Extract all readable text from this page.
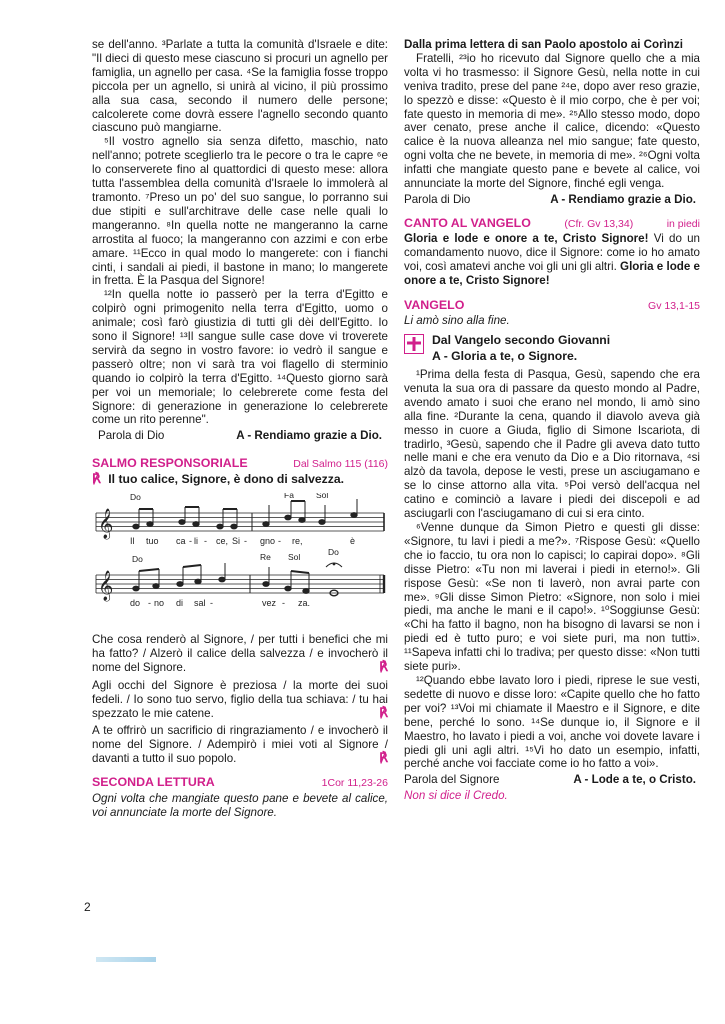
se dell'anno. ³Parlate a tutta la comunità d'Israele e dite: "Il dieci di questo mese ciascuno si procuri un agnello per famiglia, un agnello per casa. ⁴Se la famiglia fosse troppo piccola per un agnello, si unirà al vicino, il più prossimo alla sua casa, secondo il numero delle persone; calcolerete come dovrà essere l'agnello secondo quanto ciascuno può mangiarne.

⁵Il vostro agnello sia senza difetto, maschio, nato nell'anno; potrete sceglierlo tra le pecore o tra le capre ⁶e lo conserverete fino al quattordici di questo mese: allora tutta l'assemblea della comunità d'Israele lo immolerà al tramonto. ⁷Preso un po' del suo sangue, lo porranno sui due stipiti e sull'architrave delle case nelle quali lo mangeranno. ⁸In quella notte ne mangeranno la carne arrostita al fuoco; la mangeranno con azzimi e con erbe amare. ¹¹Ecco in qual modo lo mangerete: con i fianchi cinti, i sandali ai piedi, il bastone in mano; lo mangerete in fretta. È la Pasqua del Signore!

¹²In quella notte io passerò per la terra d'Egitto e colpirò ogni primogenito nella terra d'Egitto, uomo o animale; così farò giustizia di tutti gli dèi dell'Egitto. Io sono il Signore! ¹³Il sangue sulle case dove vi troverete servirà da segno in vostro favore: io vedrò il sangue e passerò oltre; non vi sarà tra voi flagello di sterminio quando io colpirò la terra d'Egitto. ¹⁴Questo giorno sarà per voi un memoriale; lo celebrerete come festa del Signore: di generazione in generazione lo celebrerete come un rito perenne".

Parola di Dio	A - Rendiamo grazie a Dio.
SALMO RESPONSORIALE	Dal Salmo 115 (116)
℟ Il tuo calice, Signore, è dono di salvezza.
𝄞
𝄞
Do	Fa	Sol
Do	Re Sol	Do
Il tuo ca - li - ce, Si - gno - re,	è
do - no di sal -	vez - za.

Che cosa renderò al Signore, / per tutti i benefici che mi ha fatto? / Alzerò il calice della salvezza / e invocherò il nome del Signore.	℟

Agli occhi del Signore è preziosa / la morte dei suoi fedeli. / Io sono tuo servo, figlio della tua schiava: / tu hai spezzato le mie catene.	℟

A te offrirò un sacrificio di ringraziamento / e invocherò il nome del Signore. / Adempirò i miei voti al Signore / davanti a tutto il suo popolo.	℟

SECONDA LETTURA	1Cor 11,23-26

Ogni volta che mangiate questo pane e bevete al calice, voi annunciate la morte del Signore.

2

Dalla prima lettera di san Paolo apostolo ai Corìnzi

Fratelli, ²³io ho ricevuto dal Signore quello che a mia volta vi ho trasmesso: il Signore Gesù, nella notte in cui veniva tradito, prese del pane ²⁴e, dopo aver reso grazie, lo spezzò e disse: «Questo è il mio corpo, che è per voi; fate questo in memoria di me». ²⁵Allo stesso modo, dopo aver cenato, prese anche il calice, dicendo: «Questo calice è la nuova alleanza nel mio sangue; fate questo, ogni volta che ne bevete, in memoria di me». ²⁶Ogni volta infatti che mangiate questo pane e bevete al calice, voi annunciate la morte del Signore, finché egli venga.

Parola di Dio	A - Rendiamo grazie a Dio.
CANTO AL VANGELO	(Cfr. Gv 13,34)	in piedi

Gloria e lode e onore a te, Cristo Signore! Vi do un comandamento nuovo, dice il Signore: come io ho amato voi, così amatevi anche voi gli uni gli altri. Gloria e lode e onore a te, Cristo Signore!

VANGELO	Gv 13,1-15

Li amò sino alla fine.

Dal Vangelo secondo Giovanni
A - Gloria a te, o Signore.

¹Prima della festa di Pasqua, Gesù, sapendo che era venuta la sua ora di passare da questo mondo al Padre, avendo amato i suoi che erano nel mondo, li amò sino alla fine. ²Durante la cena, quando il diavolo aveva già messo in cuore a Giuda, figlio di Simone Iscariota, di tradirlo, ³Gesù, sapendo che il Padre gli aveva dato tutto nelle mani e che era venuto da Dio e a Dio ritornava, ⁴si alzò da tavola, depose le vesti, prese un asciugamano e se lo cinse attorno alla vita. ⁵Poi versò dell'acqua nel catino e cominciò a lavare i piedi dei discepoli e ad asciugarli con l'asciugamano di cui si era cinto.

⁶Venne dunque da Simon Pietro e questi gli disse: «Signore, tu lavi i piedi a me?». ⁷Rispose Gesù: «Quello che io faccio, tu ora non lo capisci; lo capirai dopo». ⁸Gli disse Pietro: «Tu non mi laverai i piedi in eterno!». Gli rispose Gesù: «Se non ti laverò, non avrai parte con me». ⁹Gli disse Simon Pietro: «Signore, non solo i miei piedi, ma anche le mani e il capo!». ¹⁰Soggiunse Gesù: «Chi ha fatto il bagno, non ha bisogno di lavarsi se non i piedi ed è tutto puro; e voi siete puri, ma non tutti». ¹¹Sapeva infatti chi lo tradiva; per questo disse: «Non tutti siete puri».

¹²Quando ebbe lavato loro i piedi, riprese le sue vesti, sedette di nuovo e disse loro: «Capite quello che ho fatto per voi? ¹³Voi mi chiamate il Maestro e il Signore, e dite bene, perché lo sono. ¹⁴Se dunque io, il Signore e il Maestro, ho lavato i piedi a voi, anche voi dovete lavare i piedi gli uni agli altri. ¹⁵Vi ho dato un esempio, infatti, perché anche voi facciate come io ho fatto a voi».

Parola del Signore	A - Lode a te, o Cristo.

Non si dice il Credo.
